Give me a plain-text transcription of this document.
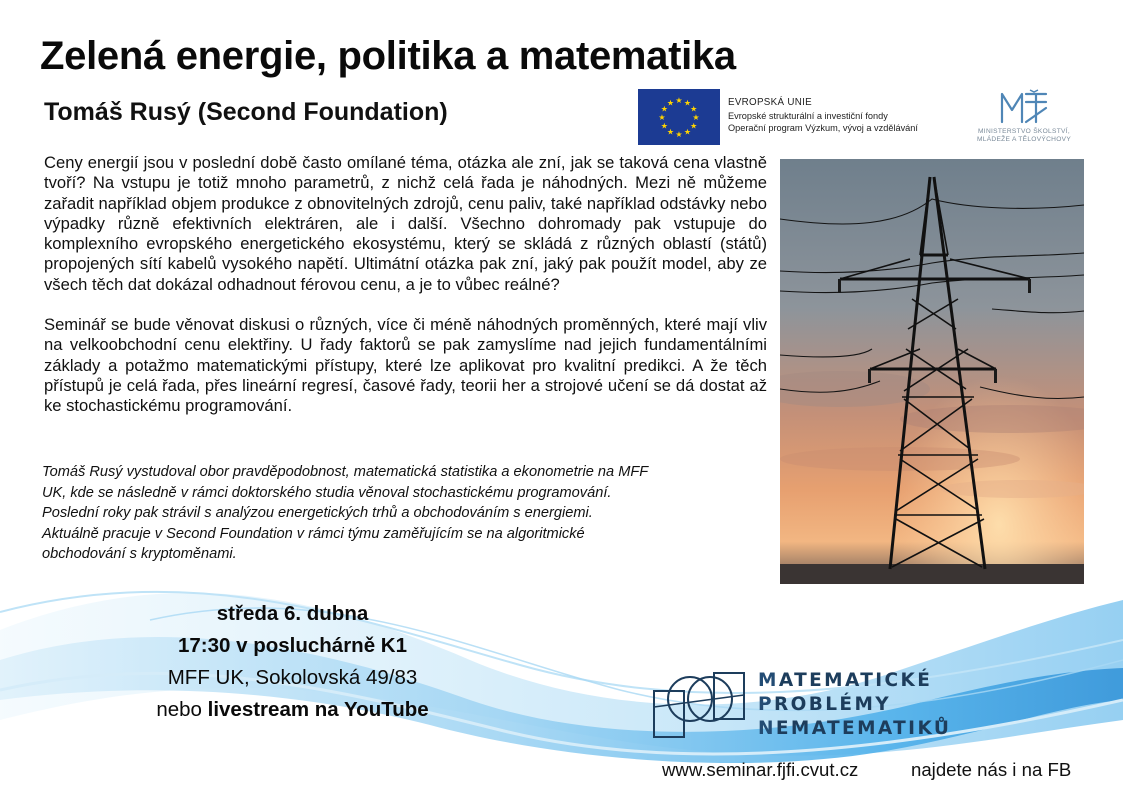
Zelená energie, politika a matematika
Tomáš Rusý (Second Foundation)	★ ★
★
★
★
★
★
★
★
★
★
★	EVROPSKÁ UNIE
Evropské strukturální a investiční fondy
Operační program Výzkum, vývoj a vzdělávání	MINISTERSTVO ŠKOLSTVÍ,
MLÁDEŽE A TĚLOVÝCHOVY

Ceny energií jsou v poslední době často omílané téma, otázka ale zní, jak se taková cena vlastně tvoří? Na vstupu je totiž mnoho parametrů, z nichž celá řada je náhodných. Mezi ně můžeme zařadit například objem produkce z obnovitelných zdrojů, cenu paliv, také například odstávky nebo výpadky různě efektivních elektráren, ale i další. Všechno dohromady pak vstupuje do komplexního evropského energetického ekosystému, který se skládá z různých oblastí (států) propojených sítí kabelů vysokého napětí. Ultimátní otázka pak zní, jaký pak použít model, aby ze všech těch dat dokázal odhadnout férovou cenu, a je to vůbec reálné?

Seminář se bude věnovat diskusi o různých, více či méně náhodných proměnných, které mají vliv na velkoobchodní cenu elektřiny. U řady faktorů se pak zamyslíme nad jejich fundamentálními základy a potažmo matematickými přístupy, které lze aplikovat pro kvalitní predikci. A že těch přístupů je celá řada, přes lineární regresí, časové řady, teorii her a strojové učení se dá dostat až ke stochastickému programování.

Tomáš Rusý vystudoval obor pravděpodobnost, matematická statistika a ekonometrie na MFF
UK, kde se následně v rámci doktorského studia věnoval stochastickému programování.
Poslední roky pak strávil s analýzou energetických trhů a obchodováním s energiemi.
Aktuálně pracuje v Second Foundation v rámci týmu zaměřujícím se na algoritmické
obchodování s kryptoměnami.
středa 6. dubna
17:30 v posluchárně K1
MFF UK, Sokolovská 49/83
nebo livestream na YouTube
MATEMATICKÉ
PROBLÉMY
NEMATEMATIKŮ
www.seminar.fjfi.cvut.cz	najdete nás i na FB
